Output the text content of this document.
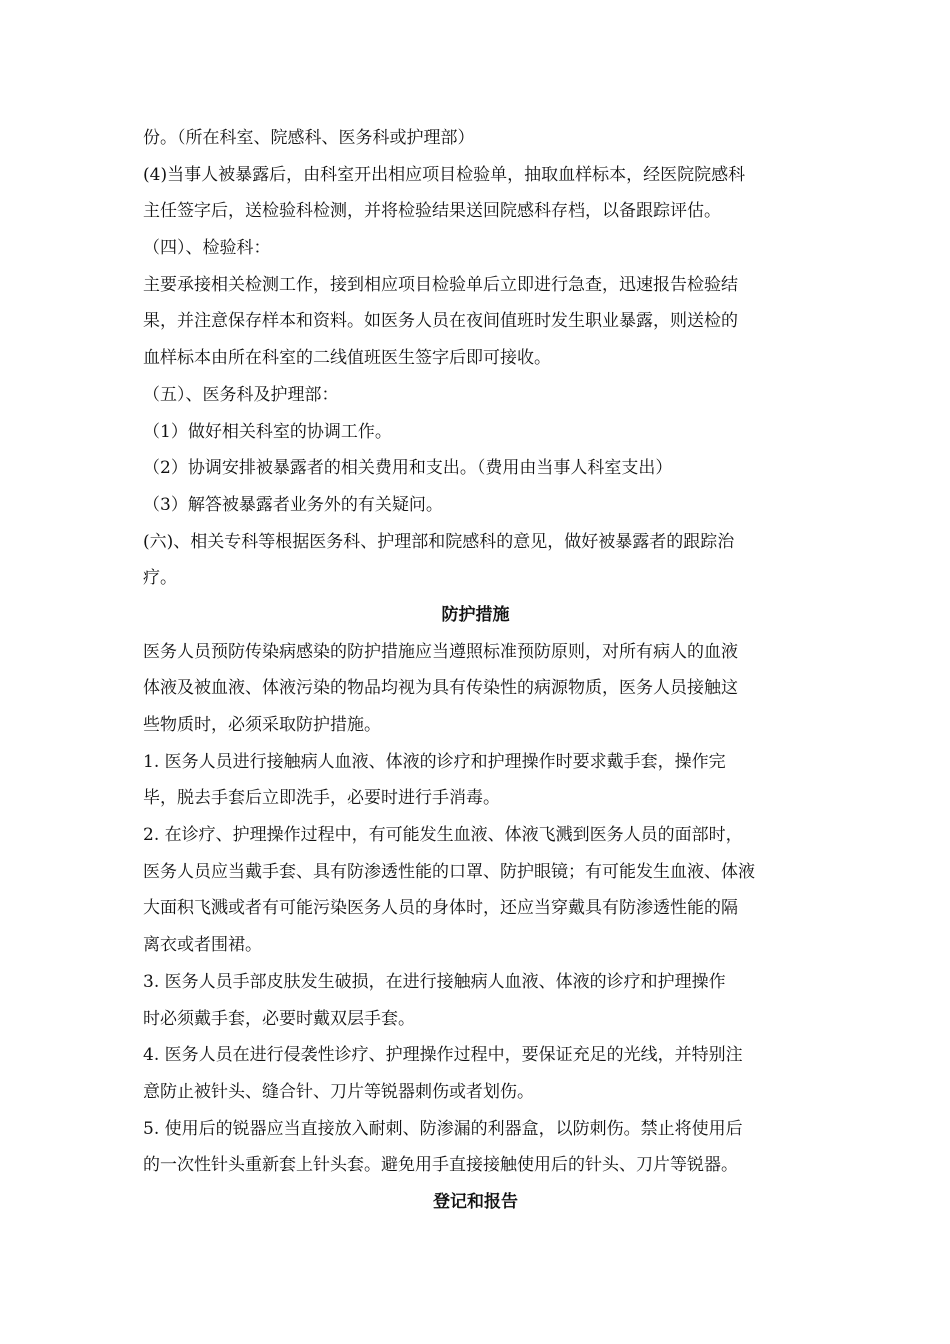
份。（所在科室、院感科、医务科或护理部）
(4)当事人被暴露后，由科室开出相应项目检验单，抽取血样标本，经医院院感科
主任签字后，送检验科检测，并将检验结果送回院感科存档，以备跟踪评估。
（四）、检验科：
主要承接相关检测工作，接到相应项目检验单后立即进行急查，迅速报告检验结
果，并注意保存样本和资料。如医务人员在夜间值班时发生职业暴露，则送检的
血样标本由所在科室的二线值班医生签字后即可接收。
（五）、医务科及护理部：
（1）做好相关科室的协调工作。
（2）协调安排被暴露者的相关费用和支出。（费用由当事人科室支出）
（3）解答被暴露者业务外的有关疑问。
(六)、相关专科等根据医务科、护理部和院感科的意见，做好被暴露者的跟踪治
疗。
防护措施
医务人员预防传染病感染的防护措施应当遵照标准预防原则，对所有病人的血液
体液及被血液、体液污染的物品均视为具有传染性的病源物质，医务人员接触这
些物质时，必须采取防护措施。
1. 医务人员进行接触病人血液、体液的诊疗和护理操作时要求戴手套，操作完
毕，脱去手套后立即洗手，必要时进行手消毒。
2. 在诊疗、护理操作过程中，有可能发生血液、体液飞溅到医务人员的面部时，
医务人员应当戴手套、具有防渗透性能的口罩、防护眼镜；有可能发生血液、体液
大面积飞溅或者有可能污染医务人员的身体时，还应当穿戴具有防渗透性能的隔
离衣或者围裙。
3. 医务人员手部皮肤发生破损，在进行接触病人血液、体液的诊疗和护理操作
时必须戴手套，必要时戴双层手套。
4. 医务人员在进行侵袭性诊疗、护理操作过程中，要保证充足的光线，并特别注
意防止被针头、缝合针、刀片等锐器刺伤或者划伤。
5. 使用后的锐器应当直接放入耐刺、防渗漏的利器盒，以防刺伤。禁止将使用后
的一次性针头重新套上针头套。避免用手直接接触使用后的针头、刀片等锐器。
登记和报告
